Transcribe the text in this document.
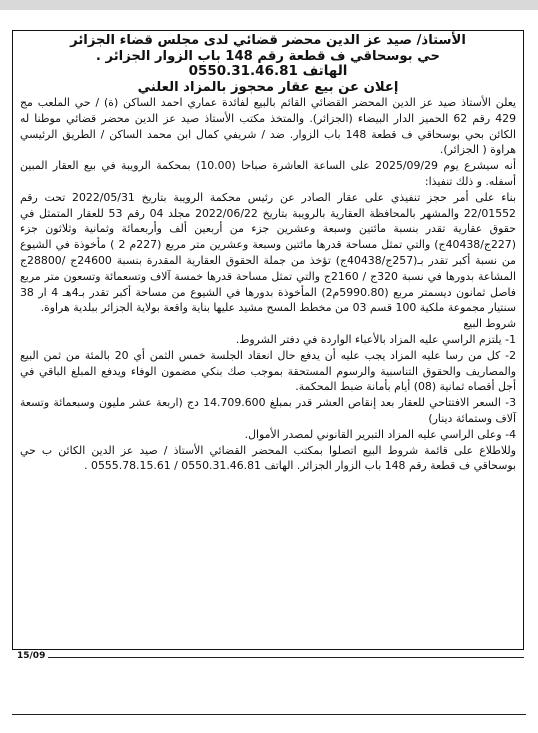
الأستاذ/ صيد عز الدين محضر قضائي لدى مجلس قضاء الجزائر
حي بوسحاقي ف قطعة رقم 148 باب الزوار الجزائر .
الهاتف 0550.31.46.81
إعلان عن بيع عقار محجوز بالمزاد العلني

يعلن الأستاذ صيد عز الدين المحضر القضائي القائم بالبيع لفائدة عماري احمد الساكن (ة) / حي الملعب مج 429 رقم 62 الحميز الدار البيضاء (الجزائر). والمتخذ مكتب الأستاذ صيد عز الدين محضر قضائي موطنا له الكائن بحي بوسحاقي ف قطعة 148 باب الزوار. ضد / شريفي كمال ابن محمد الساكن / الطريق الرئيسي هراوة ( الجزائر).

أنه سيشرع يوم 2025/09/29 على الساعة العاشرة صباحا (10.00) بمحكمة الرويبة في بيع العقار المبين أسفله. و ذلك تنفيذا:

بناء على أمر حجز تنفيذي على عقار الصادر عن رئيس محكمة الرويبة بتاريخ 2022/05/31 تحت رقم 22/01552 والمشهر بالمحافظة العقارية بالرويبة بتاريخ 2022/06/22 مجلد 04 رقم 53 للعقار المتمثل في حقوق عقارية تقدر بنسبة مائتين وسبعة وعشرين جزء من أربعين ألف وأربعمائة وثمانية وثلاثون جزء (227ج/40438ج) والتي تمثل مساحة قدرها مائتين وسبعة وعشرين متر مربع (227م 2 ) مأخوذة في الشيوع من نسبة أكبر تقدر بـ(257ج/40438ج) تؤخذ من جملة الحقوق العقارية المقدرة بنسبة 24600ج /28800ج المشاعة بدورها في نسبة 320ج / 2160ج والتي تمثل مساحة قدرها خمسة آلاف وتسعمائة وتسعون متر مربع فاصل ثمانون ديسمتر مربع (5990.80م2) المأخوذة بدورها في الشيوع من مساحة أكبر تقدر بـ4هـ 4 ار 38 سنتيار مجموعة ملكية 100 قسم 03 من مخطط المسح مشيد عليها بناية واقعة بولاية الجزائر ببلدية هراوة.

شروط البيع

1- يلتزم الراسي عليه المزاد بالأعباء الواردة في دفتر الشروط.

2- كل من رسا عليه المزاد يجب عليه أن يدفع حال انعقاد الجلسة خمس الثمن أي 20 بالمئة من ثمن البيع والمصاريف والحقوق التناسبية والرسوم المستحقة بموجب صك بنكي مضمون الوفاء ويدفع المبلغ الباقي في أجل أقصاه ثمانية (08) أيام بأمانة ضبط المحكمة.

3- السعر الافتتاحي للعقار بعد إنقاص العشر قدر بمبلغ 14.709.600 دج (اربعة عشر مليون وسبعمائة وتسعة آلاف وستمائة دينار)

4- وعلى الراسي عليه المزاد التبرير القانوني لمصدر الأموال.

وللاطلاع على قائمة شروط البيع اتصلوا بمكتب المحضر القضائي الأستاذ / صيد عز الدين الكائن ب حي بوسحاقي ف قطعة رقم 148 باب الزوار الجزائر. الهاتف 0550.31.46.81 / 0555.78.15.61 .

15/09
